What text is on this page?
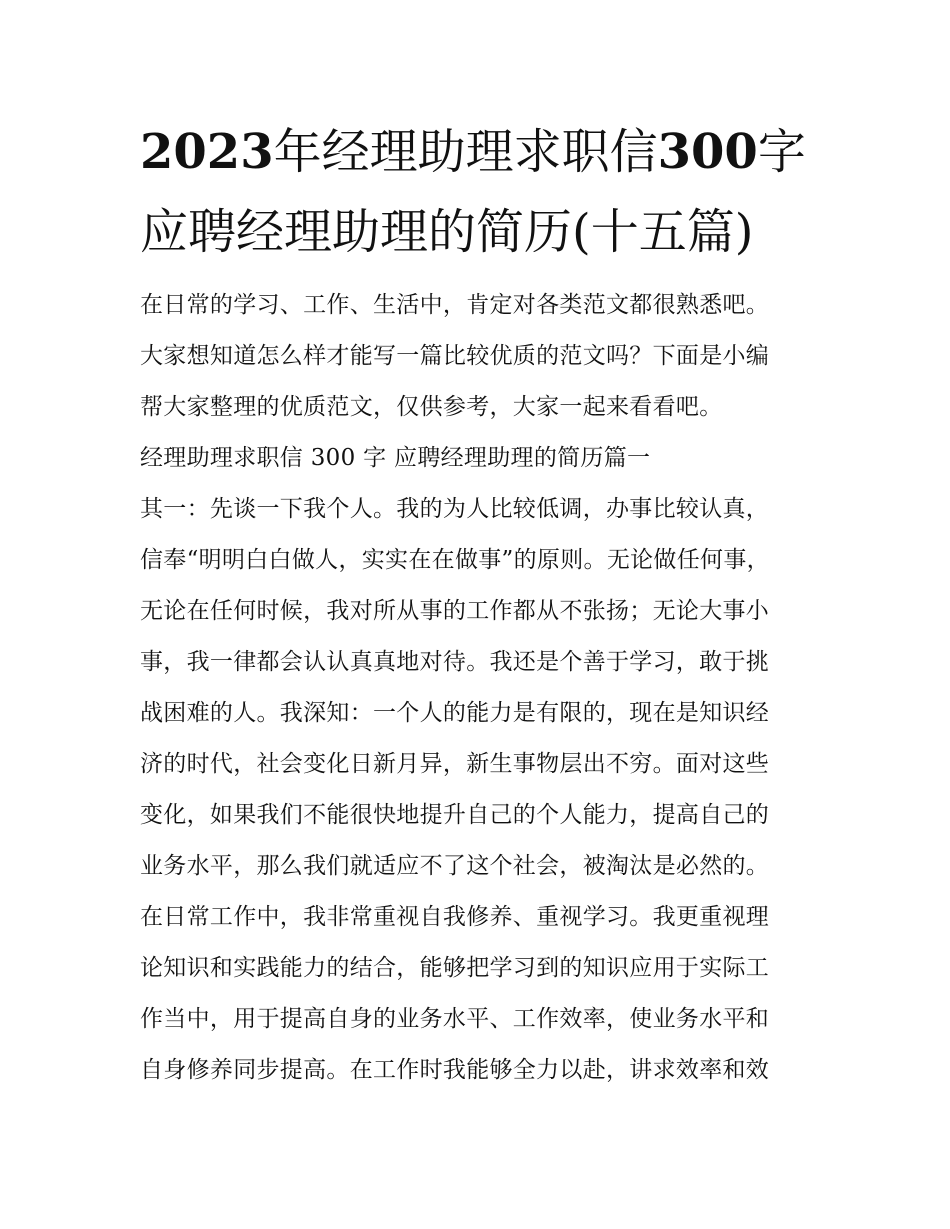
2023年经理助理求职信300字
应聘经理助理的简历(十五篇)

在日常的学习、工作、生活中，肯定对各类范文都很熟悉吧。

大家想知道怎么样才能写一篇比较优质的范文吗？下面是小编

帮大家整理的优质范文，仅供参考，大家一起来看看吧。

经理助理求职信 300 字 应聘经理助理的简历篇一

其一：先谈一下我个人。我的为人比较低调，办事比较认真，

信奉“明明白白做人，实实在在做事”的原则。无论做任何事，

无论在任何时候，我对所从事的工作都从不张扬；无论大事小

事，我一律都会认认真真地对待。我还是个善于学习，敢于挑

战困难的人。我深知：一个人的能力是有限的，现在是知识经

济的时代，社会变化日新月异，新生事物层出不穷。面对这些

变化，如果我们不能很快地提升自己的个人能力，提高自己的

业务水平，那么我们就适应不了这个社会，被淘汰是必然的。

在日常工作中，我非常重视自我修养、重视学习。我更重视理

论知识和实践能力的结合，能够把学习到的知识应用于实际工

作当中，用于提高自身的业务水平、工作效率，使业务水平和

自身修养同步提高。在工作时我能够全力以赴，讲求效率和效
